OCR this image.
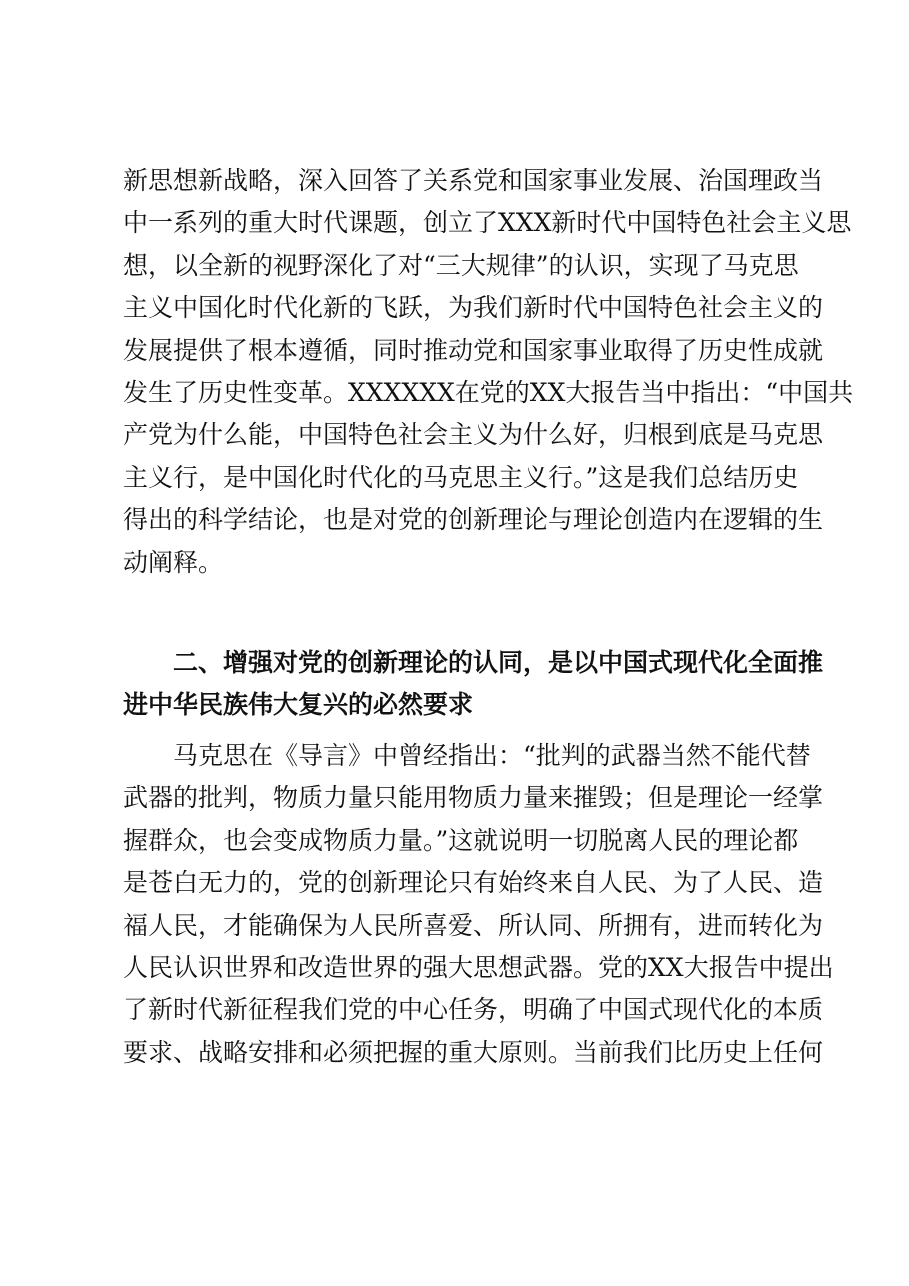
新思想新战略，深入回答了关系党和国家事业发展、治国理政当
中一系列的重大时代课题，创立了XXX新时代中国特色社会主义思
想，以全新的视野深化了对“三大规律”的认识，实现了马克思
主义中国化时代化新的飞跃，为我们新时代中国特色社会主义的
发展提供了根本遵循，同时推动党和国家事业取得了历史性成就
发生了历史性变革。XXXXXX在党的XX大报告当中指出：“中国共
产党为什么能，中国特色社会主义为什么好，归根到底是马克思
主义行，是中国化时代化的马克思主义行。”这是我们总结历史
得出的科学结论，也是对党的创新理论与理论创造内在逻辑的生
动阐释。
二、增强对党的创新理论的认同，是以中国式现代化全面推
进中华民族伟大复兴的必然要求
马克思在《导言》中曾经指出：“批判的武器当然不能代替
武器的批判，物质力量只能用物质力量来摧毁；但是理论一经掌
握群众，也会变成物质力量。”这就说明一切脱离人民的理论都
是苍白无力的，党的创新理论只有始终来自人民、为了人民、造
福人民，才能确保为人民所喜爱、所认同、所拥有，进而转化为
人民认识世界和改造世界的强大思想武器。党的XX大报告中提出
了新时代新征程我们党的中心任务，明确了中国式现代化的本质
要求、战略安排和必须把握的重大原则。当前我们比历史上任何
